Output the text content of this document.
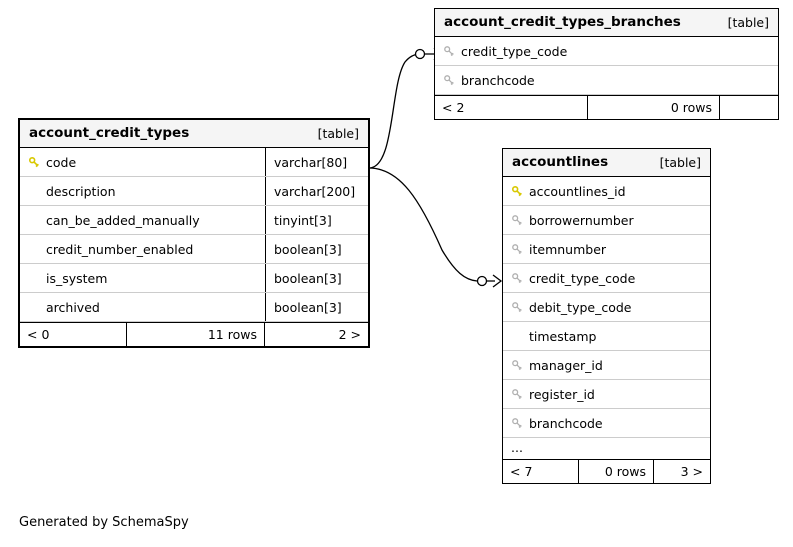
account_credit_types_branches	[table]
credit_type_code
branchcode
< 2	0 rows
account_credit_types	[table]
code	varchar[80]
description	varchar[200]
can_be_added_manually	tinyint[3]
credit_number_enabled	boolean[3]
is_system	boolean[3]
archived	boolean[3]
< 0	11 rows	2 >
accountlines	[table]
accountlines_id
borrowernumber
itemnumber
credit_type_code
debit_type_code
timestamp
manager_id
register_id
branchcode
...
< 7	0 rows	3 >
Generated by SchemaSpy
